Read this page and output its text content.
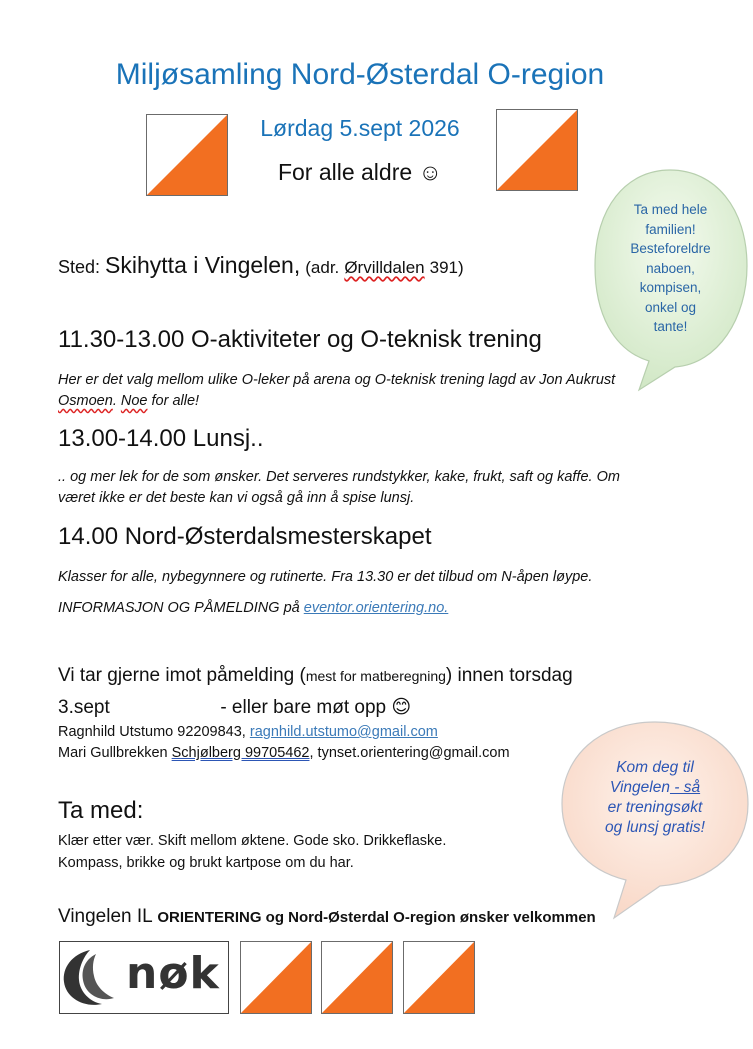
Miljøsamling Nord-Østerdal O-region
Lørdag 5.sept 2026
For alle aldre ☺
Ta med hele
familien!
Besteforeldre
naboen,
kompisen,
onkel og
tante!
Sted: Skihytta i Vingelen, (adr. Ørvilldalen 391)
11.30-13.00 O-aktiviteter og O-teknisk trening
Her er det valg mellom ulike O-leker på arena og O-teknisk trening lagd av Jon Aukrust
Osmoen. Noe for alle!
13.00-14.00 Lunsj..
.. og mer lek for de som ønsker. Det serveres rundstykker, kake, frukt, saft og kaffe. Om været ikke er det beste kan vi også gå inn å spise lunsj.
14.00 Nord-Østerdalsmesterskapet
Klasser for alle, nybegynnere og rutinerte. Fra 13.30 er det tilbud om N-åpen løype.
INFORMASJON OG PÅMELDING på eventor.orientering.no.
Vi tar gjerne imot påmelding (mest for matberegning) innen torsdag
3.sept	- eller bare møt opp 😊
Ragnhild Utstumo 92209843, ragnhild.utstumo@gmail.com
Mari Gullbrekken Schjølberg 99705462, tynset.orientering@gmail.com
Kom deg til
Vingelen - så
er treningsøkt
og lunsj gratis!
Ta med:
Klær etter vær. Skift mellom øktene. Gode sko. Drikkeflaske.
Kompass, brikke og brukt kartpose om du har.
Vingelen IL ORIENTERING og Nord-Østerdal O-region ønsker velkommen
nøk
